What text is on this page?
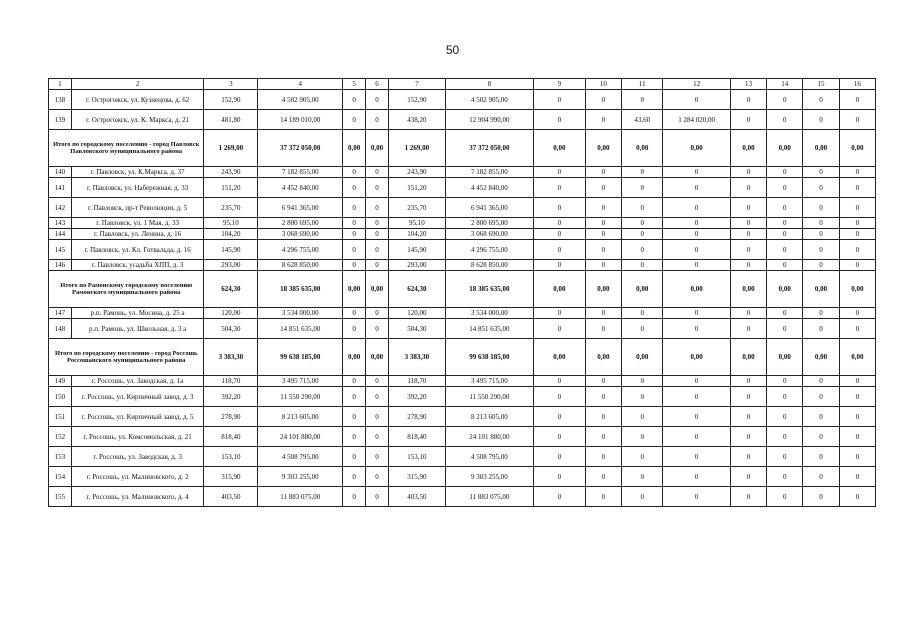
50
1	2	3	4	5	6	7	8	9	10	11	12	13	14	15	16
138	г. Острогожск, ул. Кузнецова, д. 62	152,90	4 502 905,00	0	0	152,90	4 502 905,00	0	0	0	0	0	0	0	0
139	г. Острогожск, ул. К. Маркса, д. 21	481,80	14 189 010,00	0	0	438,20	12 904 990,00	0	0	43,60	1 284 020,00	0	0	0	0
Итого по городскому поселению - город Павловск Павловского муниципального района		1 269,00	37 372 050,00	0,00	0,00	1 269,00	37 372 050,00	0,00	0,00	0,00	0,00	0,00	0,00	0,00	0,00
140	г. Павловск, ул. К.Маркса, д. 37	243,90	7 182 855,00	0	0	243,90	7 182 855,00	0	0	0	0	0	0	0	0
141	г. Павловск, ул. Набережная, д. 33	151,20	4 452 840,00	0	0	151,20	4 452 840,00	0	0	0	0	0	0	0	0
142	г. Павловск, пр-т Революции, д. 5	235,70	6 941 365,00	0	0	235,70	6 941 365,00	0	0	0	0	0	0	0	0
143	г. Павловск, ул. 1 Мая, д. 33	95,10	2 800 695,00	0	0	95,10	2 800 695,00	0	0	0	0	0	0	0	0
144	г. Павловск, ул. Ленина, д. 16	104,20	3 068 690,00	0	0	104,20	3 068 690,00	0	0	0	0	0	0	0	0
145	г. Павловск, ул. Кл. Готвальда, д. 16	145,90	4 296 755,00	0	0	145,90	4 296 755,00	0	0	0	0	0	0	0	0
146	г. Павловск, усадьба ХПП, д. 3	293,00	8 628 850,00	0	0	293,00	8 628 850,00	0	0	0	0	0	0	0	0
Итого по Рамонскому городскому поселению Рамонского муниципального района		624,30	18 385 635,00	0,00	0,00	624,30	18 385 635,00	0,00	0,00	0,00	0,00	0,00	0,00	0,00	0,00
147	р.п. Рамонь, ул. Мосина, д. 25 а	120,00	3 534 000,00	0	0	120,00	3 534 000,00	0	0	0	0	0	0	0	0
148	р.п. Рамонь, ул. Школьная, д. 3 а	504,30	14 851 635,00	0	0	504,30	14 851 635,00	0	0	0	0	0	0	0	0
Итого по городскому поселению - город Россошь Россошанского муниципального района		3 383,30	99 638 185,00	0,00	0,00	3 383,30	99 638 185,00	0,00	0,00	0,00	0,00	0,00	0,00	0,00	0,00
149	г. Россошь, ул. Заводская, д. 1а	118,70	3 495 715,00	0	0	118,70	3 495 715,00	0	0	0	0	0	0	0	0
150	г. Россошь, ул. Кирпичный завод, д. 3	392,20	11 550 290,00	0	0	392,20	11 550 290,00	0	0	0	0	0	0	0	0
151	г. Россошь, ул. Кирпичный завод, д. 5	278,90	8 213 605,00	0	0	278,90	8 213 605,00	0	0	0	0	0	0	0	0
152	г. Россошь, ул. Комсомольская, д. 21	818,40	24 101 880,00	0	0	818,40	24 101 880,00	0	0	0	0	0	0	0	0
153	г. Россошь, ул. Заводская, д. 3	153,10	4 508 795,00	0	0	153,10	4 508 795,00	0	0	0	0	0	0	0	0
154	г. Россошь, ул. Малиновского, д. 2	315,90	9 303 255,00	0	0	315,90	9 303 255,00	0	0	0	0	0	0	0	0
155	г. Россошь, ул. Малиновского, д. 4	403,50	11 883 075,00	0	0	403,50	11 883 075,00	0	0	0	0	0	0	0	0
